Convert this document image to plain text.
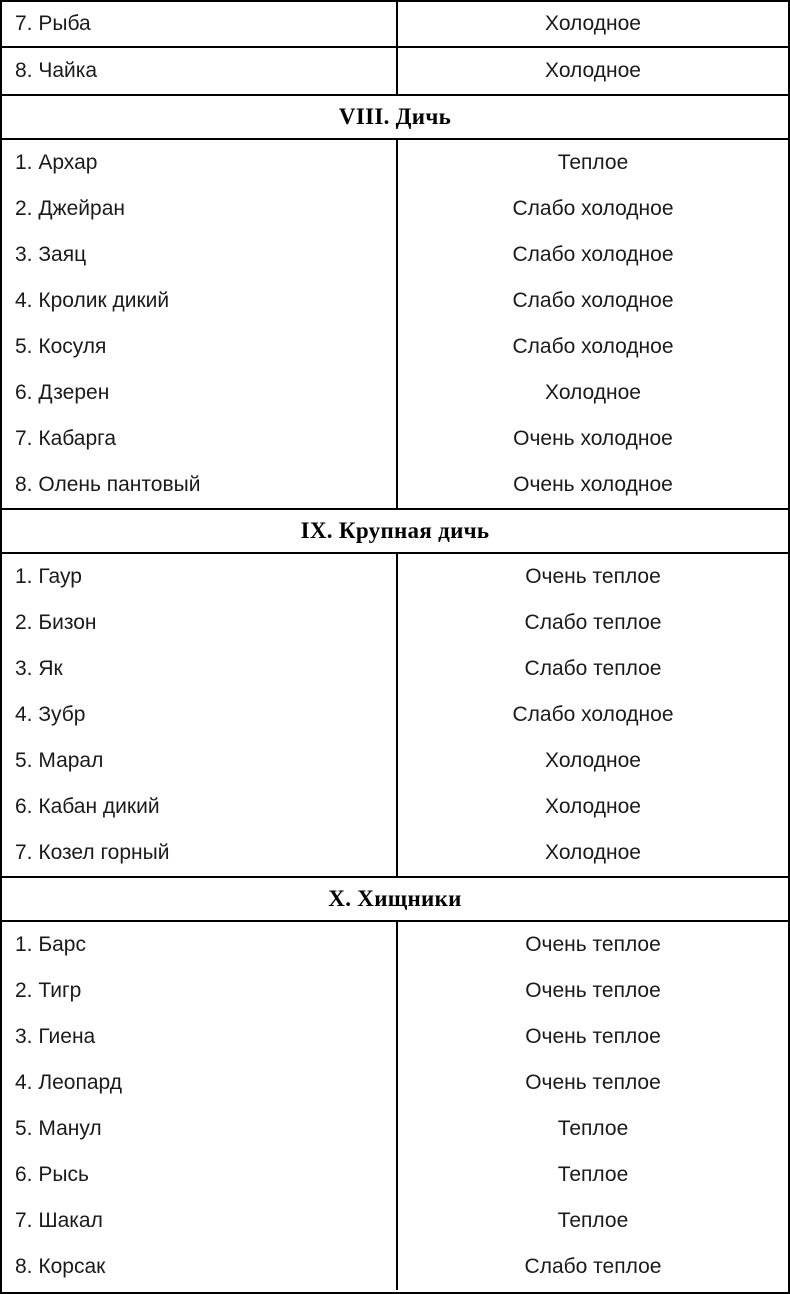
7. Рыба	Холодное
8. Чайка	Холодное
VIII. Дичь
1. Архар	Теплое
2. Джейран	Слабо холодное
3. Заяц	Слабо холодное
4. Кролик дикий	Слабо холодное
5. Косуля	Слабо холодное
6. Дзерен	Холодное
7. Кабарга	Очень холодное
8. Олень пантовый	Очень холодное
IX. Крупная дичь
1. Гаур	Очень теплое
2. Бизон	Слабо теплое
3. Як	Слабо теплое
4. Зубр	Слабо холодное
5. Марал	Холодное
6. Кабан дикий	Холодное
7. Козел горный	Холодное
X. Хищники
1. Барс	Очень теплое
2. Тигр	Очень теплое
3. Гиена	Очень теплое
4. Леопард	Очень теплое
5. Манул	Теплое
6. Рысь	Теплое
7. Шакал	Теплое
8. Корсак	Слабо теплое
